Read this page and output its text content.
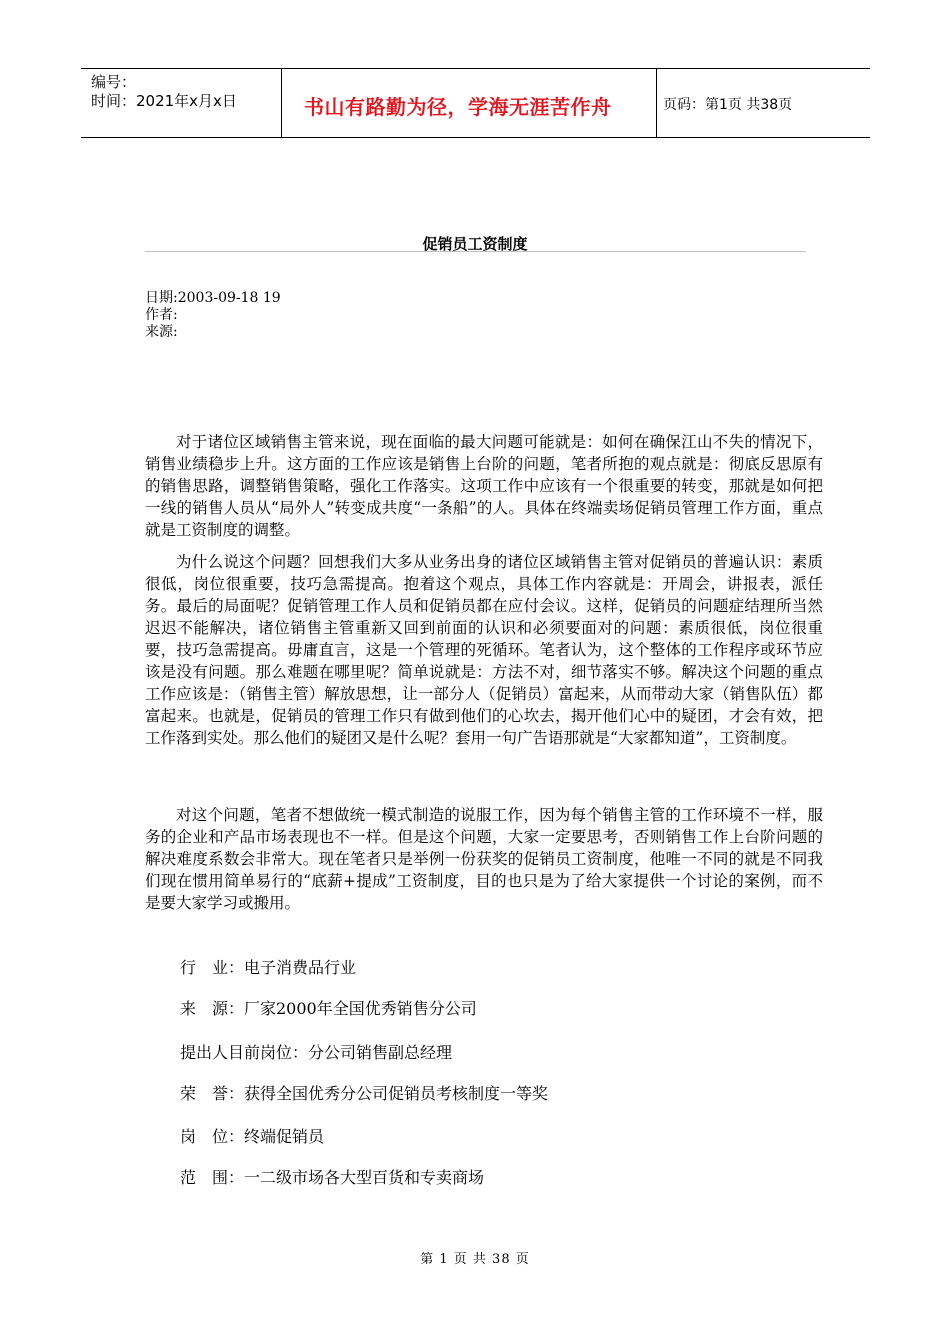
编号：
时间：2021年x月x日	书山有路勤为径，学海无涯苦作舟	页码：第1页 共38页
促销员工资制度
日期:2003-09-18 19
作者:
来源:

对于诸位区域销售主管来说，现在面临的最大问题可能就是：如何在确保江山不失的情况下，销售业绩稳步上升。这方面的工作应该是销售上台阶的问题，笔者所抱的观点就是：彻底反思原有的销售思路，调整销售策略，强化工作落实。这项工作中应该有一个很重要的转变，那就是如何把一线的销售人员从“局外人”转变成共度“一条船”的人。具体在终端卖场促销员管理工作方面，重点就是工资制度的调整。

为什么说这个问题？回想我们大多从业务出身的诸位区域销售主管对促销员的普遍认识：素质很低，岗位很重要，技巧急需提高。抱着这个观点，具体工作内容就是：开周会，讲报表，派任务。最后的局面呢？促销管理工作人员和促销员都在应付会议。这样，促销员的问题症结理所当然迟迟不能解决，诸位销售主管重新又回到前面的认识和必须要面对的问题：素质很低，岗位很重要，技巧急需提高。毋庸直言，这是一个管理的死循环。笔者认为，这个整体的工作程序或环节应该是没有问题。那么难题在哪里呢？简单说就是：方法不对，细节落实不够。解决这个问题的重点工作应该是：（销售主管）解放思想，让一部分人（促销员）富起来，从而带动大家（销售队伍）都富起来。也就是，促销员的管理工作只有做到他们的心坎去，揭开他们心中的疑团，才会有效，把工作落到实处。那么他们的疑团又是什么呢？套用一句广告语那就是“大家都知道”，工资制度。

对这个问题，笔者不想做统一模式制造的说服工作，因为每个销售主管的工作环境不一样，服务的企业和产品市场表现也不一样。但是这个问题，大家一定要思考，否则销售工作上台阶问题的解决难度系数会非常大。现在笔者只是举例一份获奖的促销员工资制度，他唯一不同的就是不同我们现在惯用简单易行的“底薪+提成”工资制度，目的也只是为了给大家提供一个讨论的案例，而不是要大家学习或搬用。

行　业：电子消费品行业
来　源：厂家2000年全国优秀销售分公司
提出人目前岗位：分公司销售副总经理
荣　誉：获得全国优秀分公司促销员考核制度一等奖
岗　位：终端促销员
范　围：一二级市场各大型百货和专卖商场
第 1 页 共 38 页
